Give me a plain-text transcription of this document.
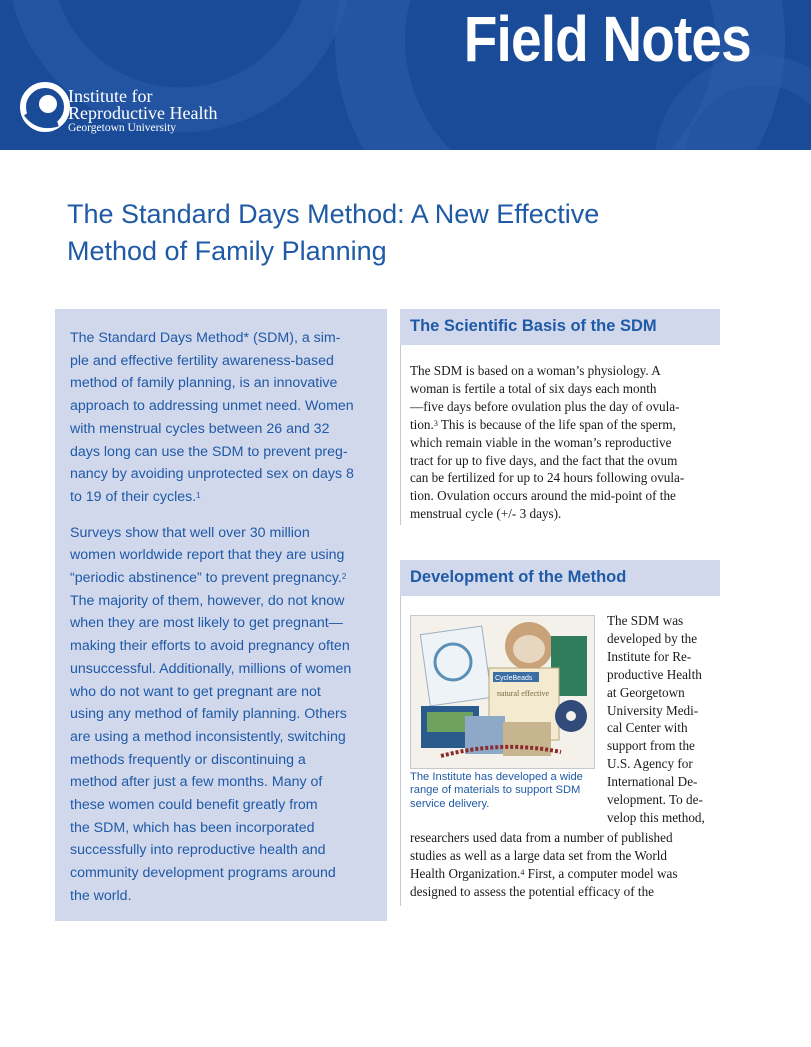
Field Notes
Institute for
Reproductive Health
Georgetown University
The Standard Days Method: A New Effective
Method of Family Planning
The Standard Days Method* (SDM), a sim-
ple and effective fertility awareness-based
method of family planning, is an innovative
approach to addressing unmet need. Women
with menstrual cycles between 26 and 32
days long can use the SDM to prevent preg-
nancy by avoiding unprotected sex on days 8
to 19 of their cycles.$^1$
Surveys show that well over 30 million
women worldwide report that they are using
“periodic abstinence” to prevent pregnancy.$^2$
The majority of them, however, do not know
when they are most likely to get pregnant—
making their efforts to avoid pregnancy often
unsuccessful. Additionally, millions of women
who do not want to get pregnant are not
using any method of family planning. Others
are using a method inconsistently, switching
methods frequently or discontinuing a
method after just a few months. Many of
these women could benefit greatly from
the SDM, which has been incorporated
successfully into reproductive health and
community development programs around
the world.
The Scientific Basis of the SDM
The SDM is based on a woman’s physiology. A
woman is fertile a total of six days each month
—five days before ovulation plus the day of ovula-
tion.$^3$ This is because of the life span of the sperm,
which remain viable in the woman’s reproductive
tract for up to five days, and the fact that the ovum
can be fertilized for up to 24 hours following ovula-
tion. Ovulation occurs around the mid-point of the
menstrual cycle (+/- 3 days).
Development of the Method
CycleBeads
natural effective
The Institute has developed a wide
range of materials to support SDM
service delivery.
The SDM was
developed by the
Institute for Re-
productive Health
at Georgetown
University Medi-
cal Center with
support from the
U.S. Agency for
International De-
velopment. To de-
velop this method,
researchers used data from a number of published
studies as well as a large data set from the World
Health Organization.$^4$ First, a computer model was
designed to assess the potential efficacy of the
